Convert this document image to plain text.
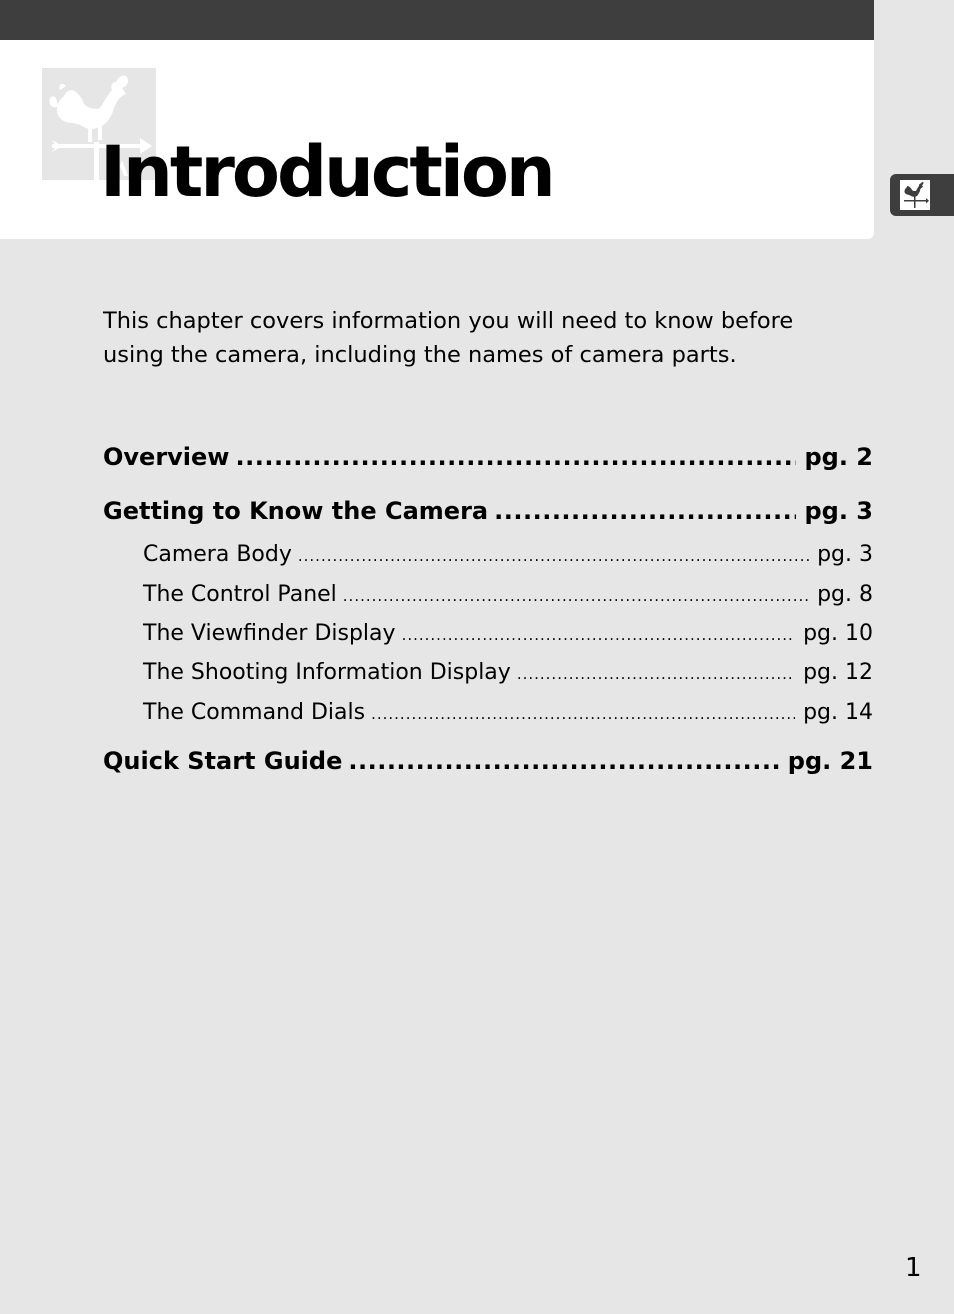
Introduction

This chapter covers information you will need to know before
using the camera, including the names of camera parts.

Overview .....	pg. 2
Getting to Know the Camera .....	pg. 3
Camera Body .....	pg. 3
The Control Panel .....	pg. 8
The Viewfinder Display .....	pg. 10
The Shooting Information Display .....	pg. 12
The Command Dials .....	pg. 14
Quick Start Guide .....	pg. 21
1
